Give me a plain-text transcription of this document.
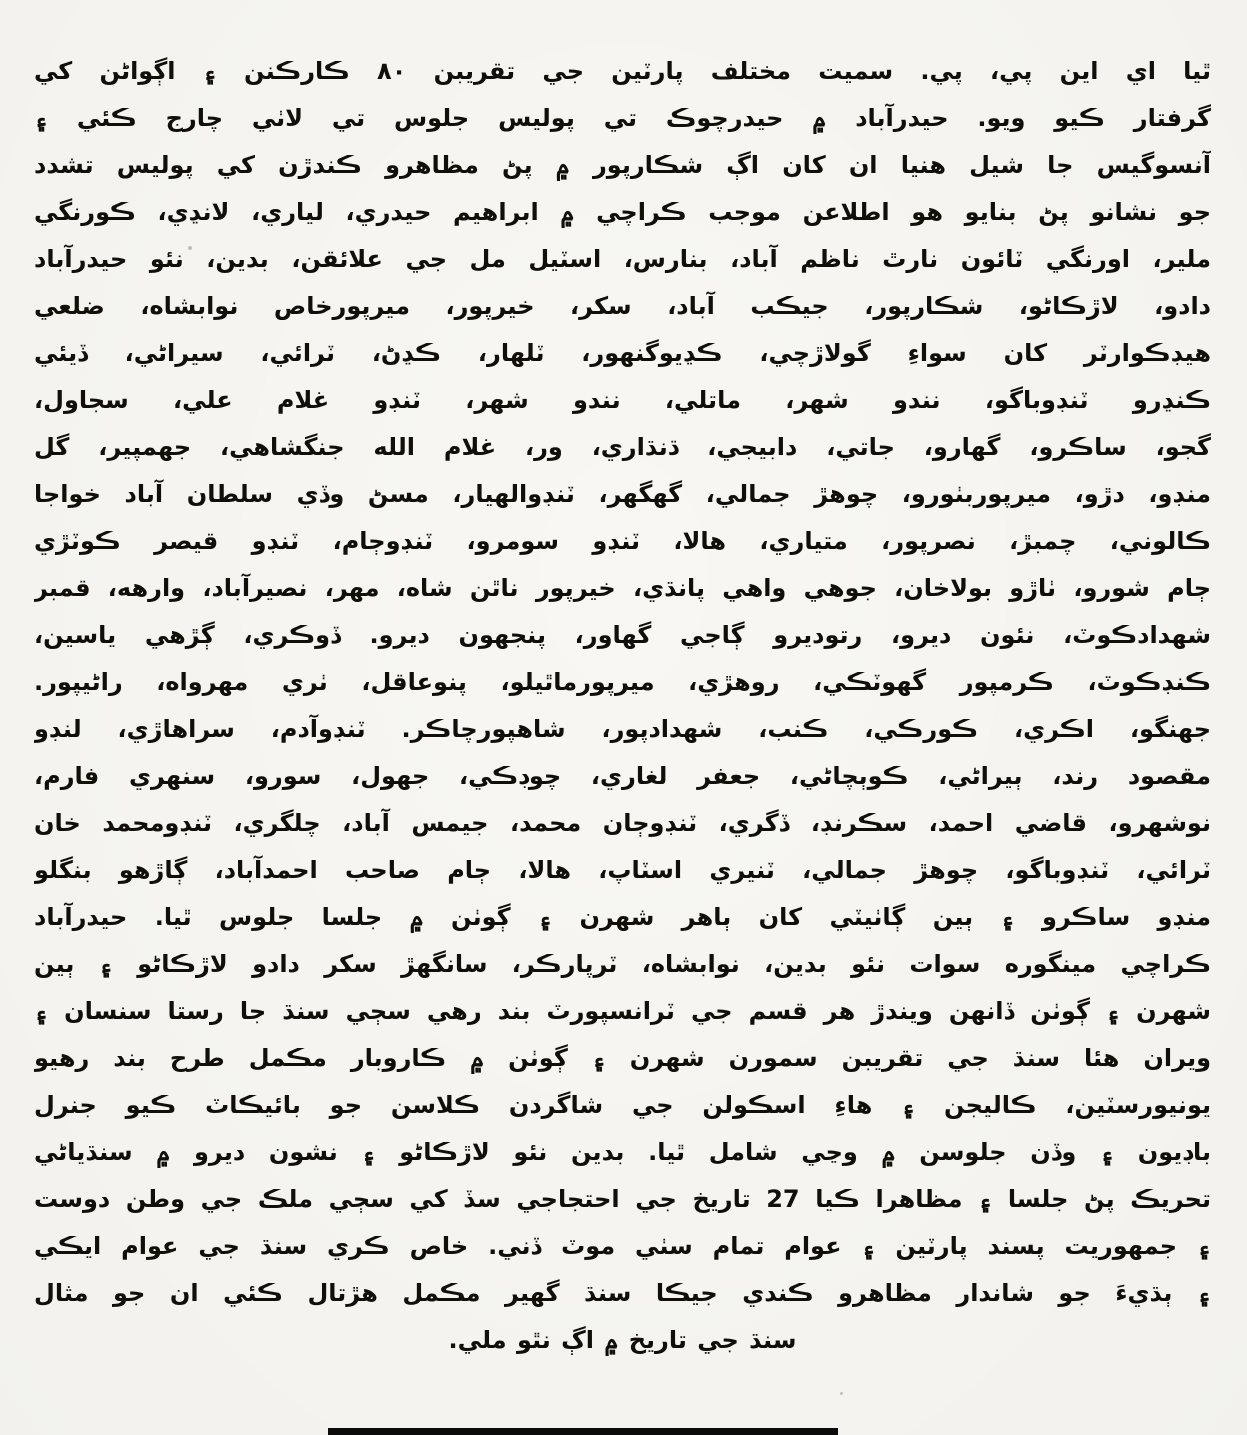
ٿيا اي اين پي، پي. سميت مختلف پارٽين جي تقريبن ٨٠ ڪارڪنن ۽ اڳواڻن کي
گرفتار ڪيو ويو. حيدرآباد ۾ حيدرچوڪ تي پوليس جلوس تي لاٺي چارج ڪئي ۽
آنسوگيس جا شيل هنيا ان کان اڳ شڪارپور ۾ پڻ مظاهرو ڪندڙن کي پوليس تشدد
جو نشانو پڻ بنايو هو اطلاعن موجب ڪراچي ۾ ابراهيم حيدري، لياري، لانڍي، ڪورنگي
ملير، اورنگي ٽائون نارٿ ناظم آباد، بنارس، اسٽيل مل جي علائقن، بدين، نئو حيدرآباد
دادو، لاڙڪاڻو، شڪارپور، جيڪب آباد، سکر، خيرپور، ميرپورخاص نوابشاه، ضلعي
هيڊڪوارٽر کان سواءِ گولاڙچي، ڪڍيوگنهور، ٽلهار، ڪڍڻ، ٽرائي، سيراڻي، ڏيئي
ڪنڍرو ٽنڊوباگو، نندو شهر، ماتلي، نندو شهر، ٽنڊو غلام علي، سجاول،
گجو، ساڪرو، گهارو، جاتي، دابيجي، ڌنڌاري، ور، غلام الله جنگشاهي، جهمپير، گل
منڊو، دڙو، ميرپوربٺورو، چوهڙ جمالي، گهگهر، ٽنڊوالهيار، مسڻ وڏي سلطان آباد خواجا
ڪالوني، چمبڙ، نصرپور، متياري، هالا، ٽنڊو سومرو، ٽنڊوڄام، ٽنڊو قيصر ڪوٽڙي
ڄام شورو، ٺاڙو بولاخان، جوهي واهي پانڌي، خيرپور ناٿن شاه، مهر، نصيرآباد، وارهه، قمبر
شهدادڪوٽ، نئون ديرو، رتوديرو ڳاجي گهاور، پنجهون ديرو. ڏوڪري، ڳڙهي ياسين،
ڪنڊڪوٽ، ڪرمپور گهوٽڪي، روهڙي، ميرپورماٿيلو، پنوعاقل، ٺري مهرواه، راڻيپور.
جهنگو، اڪري، ڪورڪي، ڪنب، شهدادپور، شاهپورچاڪر. ٽنڊوآدم، سراهاڙي، لنڊو
مقصود رند، ٻيراڻي، ڪوٻچاڻي، جعفر لغاري، چوڊڪي، جهول، سورو، سنهري فارم،
نوشهرو، قاضي احمد، سڪرنڊ، ڏگري، ٽنڊوڄان محمد، جيمس آباد، چلگري، ٽنڊومحمد خان
ٽرائي، ٽنڊوباگو، چوهڙ جمالي، ٽنيري اسٽاپ، هالا، ڄام صاحب احمدآباد، ڳاڙهو بنگلو
منڊو ساڪرو ۽ ٻين ڳاٺيٽي کان ٻاهر شهرن ۽ ڳوٺن ۾ جلسا جلوس ٿيا. حيدرآباد
ڪراچي مينگوره سوات نئو بدين، نوابشاه، ٽرپارڪر، سانگهڙ سکر دادو لاڙڪاڻو ۽ ٻين
شهرن ۽ ڳوٺن ڏانهن ويندڙ هر قسم جي ٽرانسپورٽ بند رهي سڄي سنڌ جا رستا سنسان ۽
ويران هئا سنڌ جي تقريبن سمورن شهرن ۽ ڳوٺن ۾ ڪاروبار مڪمل طرح بند رهيو
يونيورسٽين، ڪاليجن ۽ هاءِ اسڪولن جي شاگردن ڪلاسن جو بائيڪاٽ ڪيو جنرل
باڊيون ۽ وڏن جلوسن ۾ وڃي شامل ٿيا. بدين نئو لاڙڪاڻو ۽ نشون ديرو ۾ سنڌياڻي
تحريڪ پڻ جلسا ۽ مظاهرا ڪيا 27 تاريخ جي احتجاجي سڏ کي سڄي ملڪ جي وطن دوست
۽ جمهوريت پسند پارٽين ۽ عوام تمام سٺي موٽ ڏني. خاص ڪري سنڌ جي عوام ايڪي
۽ ٻڌيءَ جو شاندار مظاهرو ڪندي جيڪا سنڌ گهير مڪمل هڙتال ڪئي ان جو مثال
سنڌ جي تاريخ ۾ اڳ نٿو ملي.
